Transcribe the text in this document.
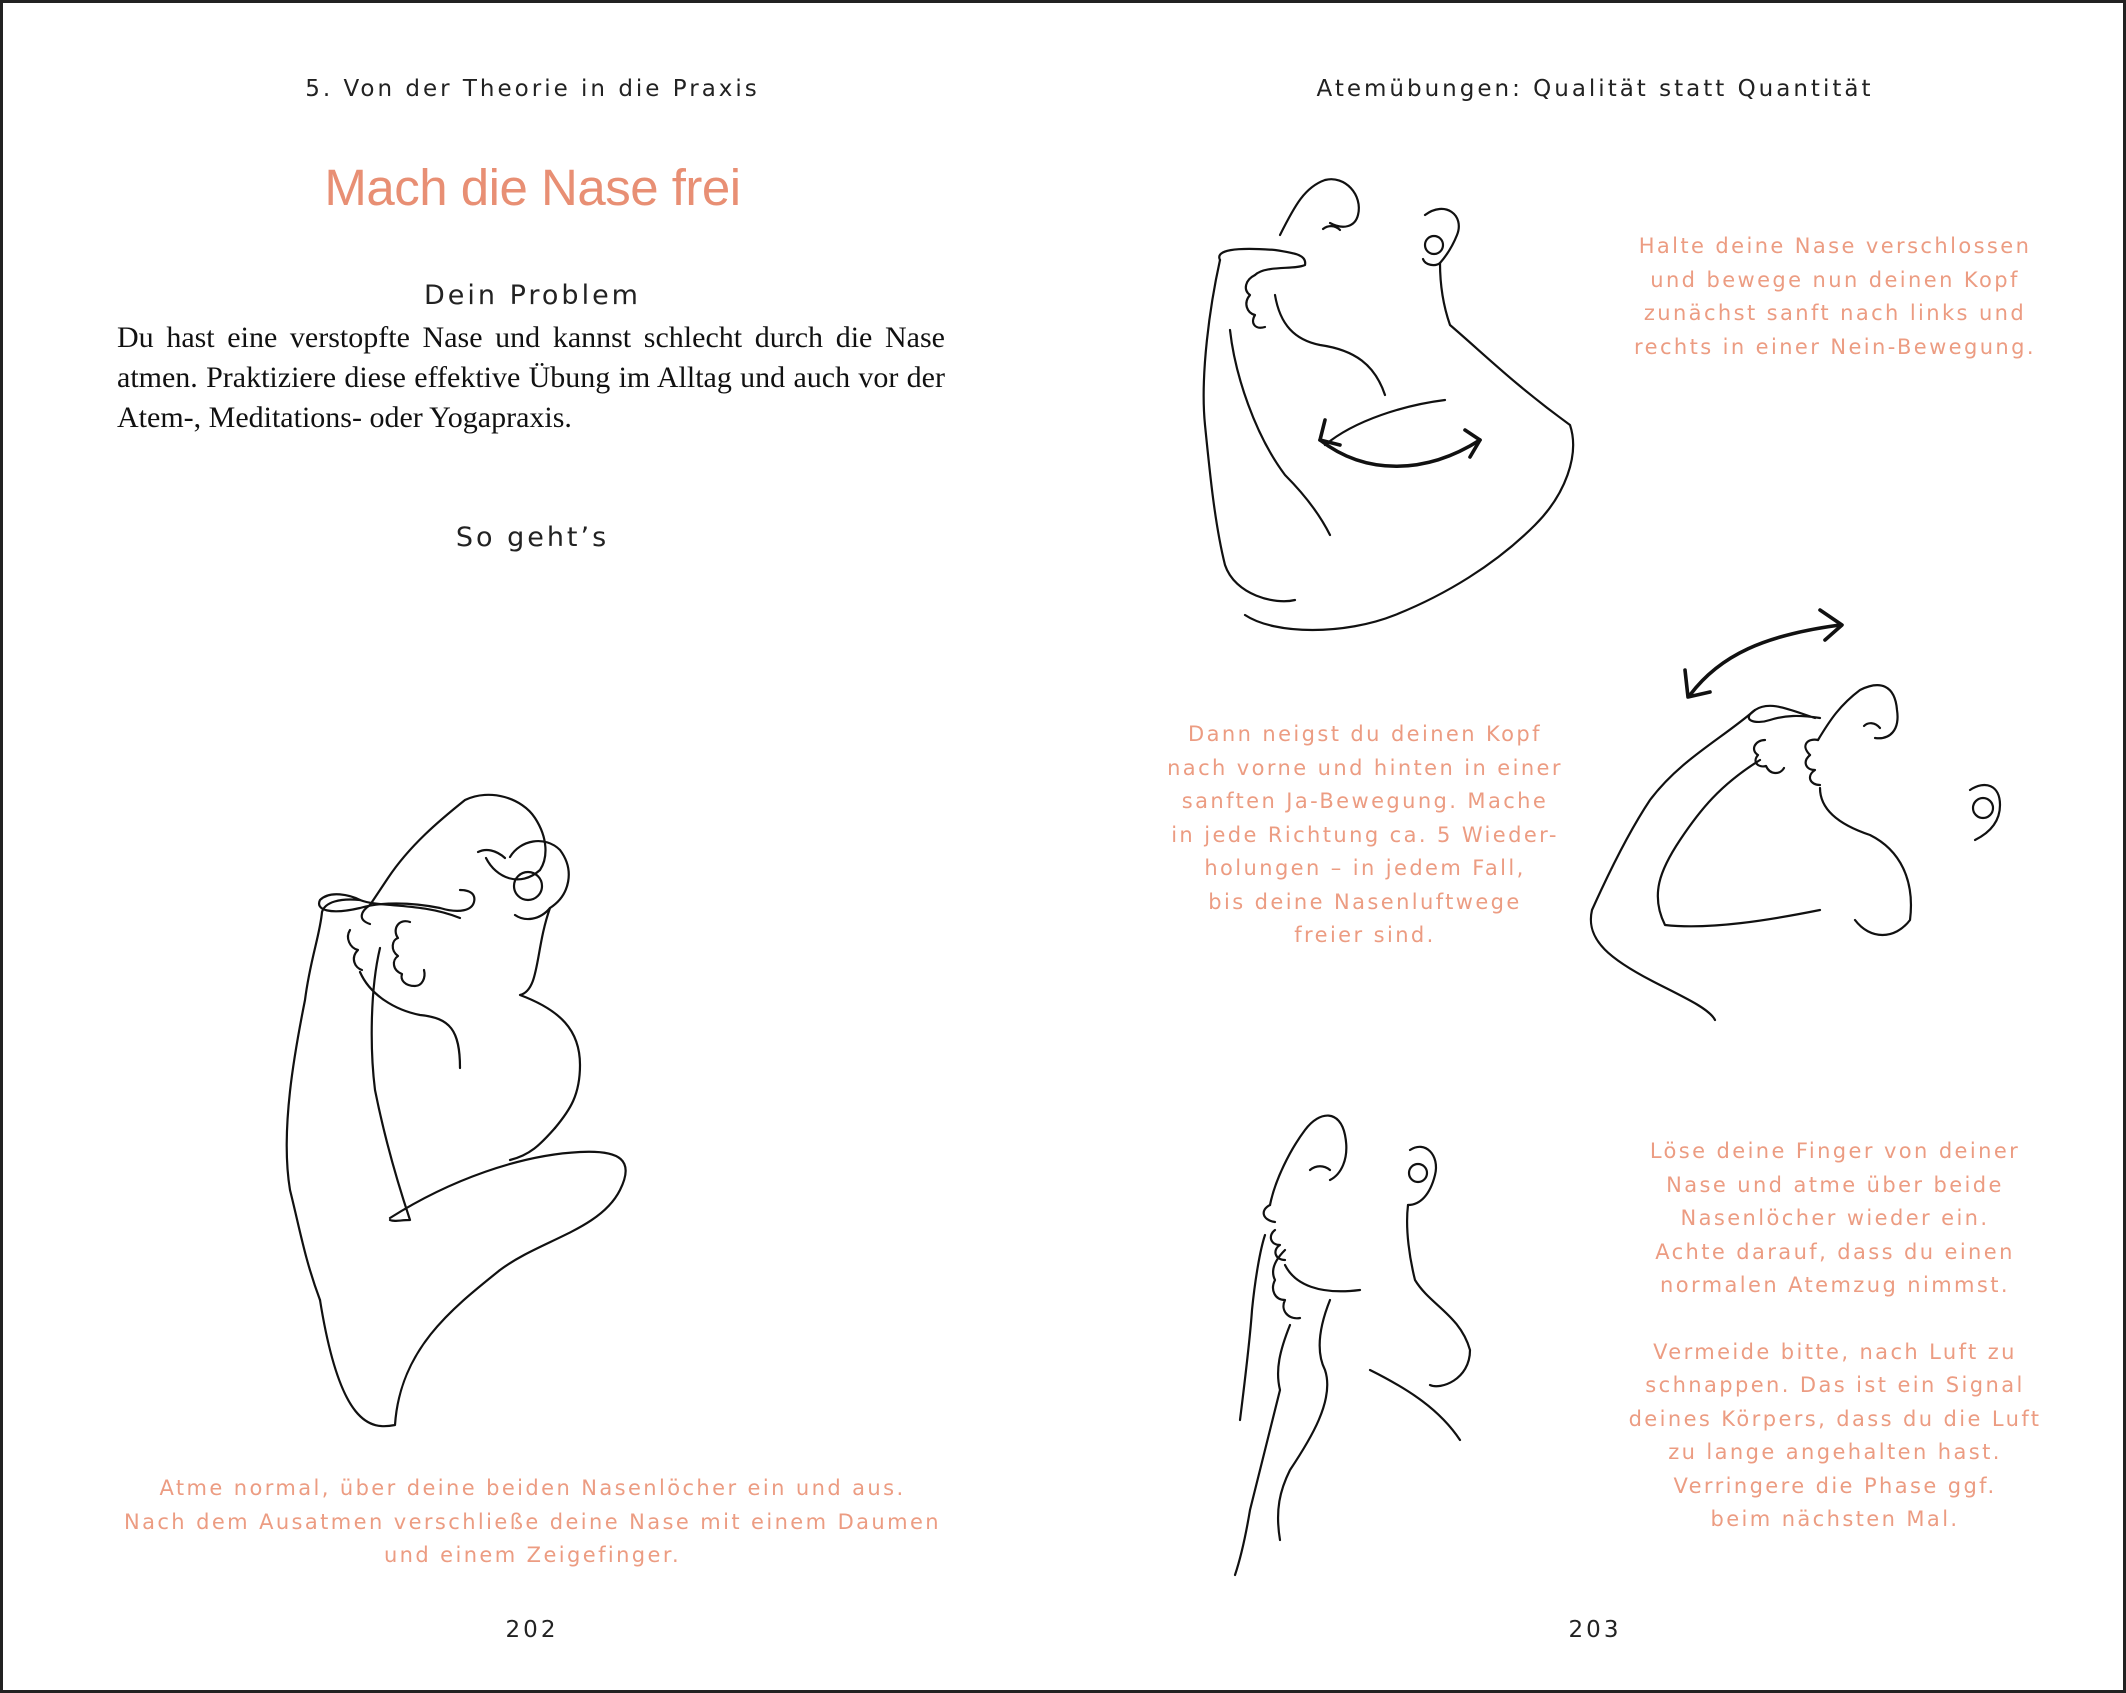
5. Von der Theorie in die Praxis
Mach die Nase frei
Dein Problem

Du hast eine verstopfte Nase und kannst schlecht durch die Nase

atmen. Praktiziere diese effektive Übung im Alltag und auch vor der

Atem-, Meditations- oder Yogapraxis.

So geht’s

Atme normal, über deine beiden Nasenlöcher ein und aus.

Nach dem Ausatmen verschließe deine Nase mit einem Daumen

und einem Zeigefinger.

202
Atemübungen: Qualität statt Quantität

Halte deine Nase verschlossen

und bewege nun deinen Kopf

zunächst sanft nach links und

rechts in einer Nein-Bewegung.

Dann neigst du deinen Kopf

nach vorne und hinten in einer

sanften Ja-Bewegung. Mache

in jede Richtung ca. 5 Wieder-

holungen – in jedem Fall,

bis deine Nasenluftwege

freier sind.

Löse deine Finger von deiner

Nase und atme über beide

Nasenlöcher wieder ein.

Achte darauf, dass du einen

normalen Atemzug nimmst.

Vermeide bitte, nach Luft zu

schnappen. Das ist ein Signal

deines Körpers, dass du die Luft

zu lange angehalten hast.

Verringere die Phase ggf.

beim nächsten Mal.

203
